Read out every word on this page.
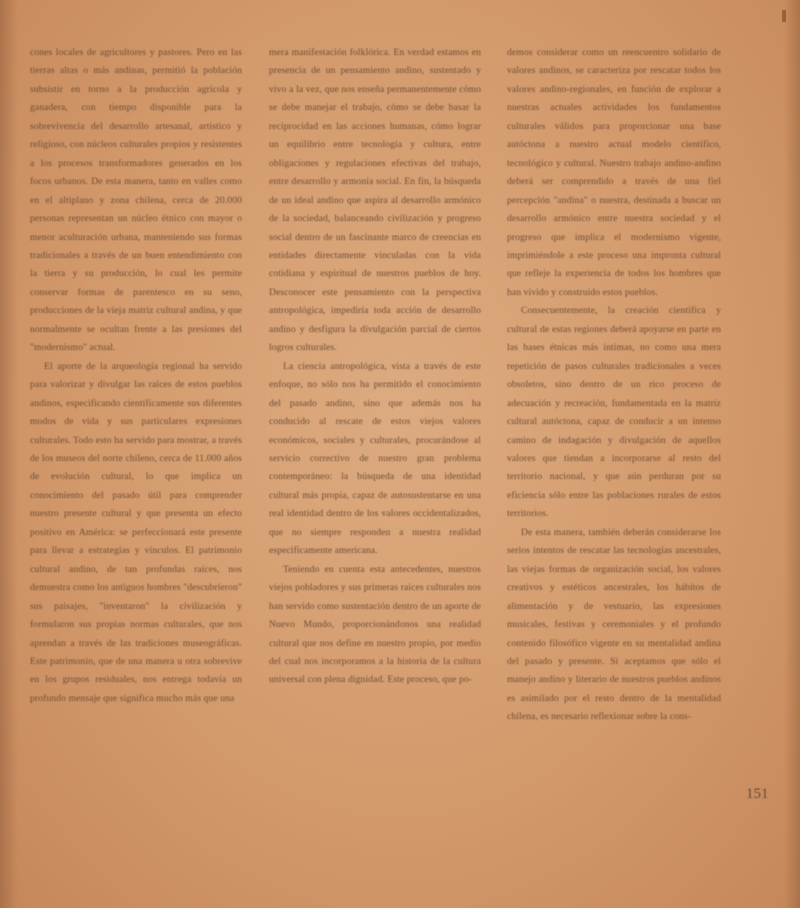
cones locales de agricultores y pastores. Pero en las tierras altas o más andinas, permitió la población subsistir en torno a la producción agrícola y ganadera, con tiempo disponible para la sobrevivencia del desarrollo artesanal, artístico y religioso, con núcleos culturales propios y resistentes a los procesos transformadores generados en los focos urbanos. De esta manera, tanto en valles como en el altiplano y zona chilena, cerca de 20.000 personas representan un núcleo étnico con mayor o menor aculturación urbana, manteniendo sus formas tradicionales a través de un buen entendimiento con la tierra y su producción, lo cual les permite conservar formas de parentesco en su seno, producciones de la vieja matriz cultural andina, y que normalmente se ocultan frente a las presiones del "modernismo" actual.

El aporte de la arqueología regional ha servido para valorizar y divulgar las raíces de estos pueblos andinos, especificando científicamente sus diferentes modos de vida y sus particulares expresiones culturales. Todo esto ha servido para mostrar, a través de los museos del norte chileno, cerca de 11.000 años de evolución cultural, lo que implica un conocimiento del pasado útil para comprender nuestro presente cultural y que presenta un efecto positivo en América: se perfeccionará este presente para llevar a estrategias y vínculos. El patrimonio cultural andino, de tan profundas raíces, nos demuestra como los antiguos hombres "descubrieron" sus paisajes, "inventaron" la civilización y formularon sus propias normas culturales, que nos aprendan a través de las tradiciones museográficas. Este patrimonio, que de una manera u otra sobrevive en los grupos residuales, nos entrega todavía un profundo mensaje que significa mucho más que una

mera manifestación folklórica. En verdad estamos en presencia de un pensamiento andino, sustentado y vivo a la vez, que nos enseña permanentemente cómo se debe manejar el trabajo, cómo se debe basar la reciprocidad en las acciones humanas, cómo lograr un equilibrio entre tecnología y cultura, entre obligaciones y regulaciones efectivas del trabajo, entre desarrollo y armonía social. En fin, la búsqueda de un ideal andino que aspira al desarrollo armónico de la sociedad, balanceando civilización y progreso social dentro de un fascinante marco de creencias en entidades directamente vinculadas con la vida cotidiana y espiritual de nuestros pueblos de hoy. Desconocer este pensamiento con la perspectiva antropológica, impediría toda acción de desarrollo andino y desfigura la divulgación parcial de ciertos logros culturales.

La ciencia antropológica, vista a través de este enfoque, no sólo nos ha permitido el conocimiento del pasado andino, sino que además nos ha conducido al rescate de estos viejos valores económicos, sociales y culturales, procurándose al servicio correctivo de nuestro gran problema contemporáneo: la búsqueda de una identidad cultural más propia, capaz de autosustentarse en una real identidad dentro de los valores occidentalizados, que no siempre responden a nuestra realidad específicamente americana.

Teniendo en cuenta esta antecedentes, nuestros viejos pobladores y sus primeras raíces culturales nos han servido como sustentación dentro de un aporte de Nuevo Mundo, proporcionándonos una realidad cultural que nos define en nuestro propio, por medio del cual nos incorporamos a la historia de la cultura universal con plena dignidad. Este proceso, que po-

demos considerar como un reencuentro solidario de valores andinos, se caracteriza por rescatar todos los valores andino-regionales, en función de explorar a nuestras actuales actividades los fundamentos culturales válidos para proporcionar una base autóctona a nuestro actual modelo científico, tecnológico y cultural. Nuestro trabajo andino-andino deberá ser comprendido a través de una fiel percepción "andina" o nuestra, destinada a buscar un desarrollo armónico entre nuestra sociedad y el progreso que implica el modernismo vigente, imprimiéndole a este proceso una impronta cultural que refleje la experiencia de todos los hombres que han vivido y construido estos pueblos.

Consecuentemente, la creación científica y cultural de estas regiones deberá apoyarse en parte en las bases étnicas más íntimas, no como una mera repetición de pasos culturales tradicionales a veces obsoletos, sino dentro de un rico proceso de adecuación y recreación, fundamentada en la matriz cultural autóctona, capaz de conducir a un intenso camino de indagación y divulgación de aquellos valores que tiendan a incorporarse al resto del territorio nacional, y que aún perduran por su eficiencia sólo entre las poblaciones rurales de estos territorios.

De esta manera, también deberán considerarse los serios intentos de rescatar las tecnologías ancestrales, las viejas formas de organización social, los valores creativos y estéticos ancestrales, los hábitos de alimentación y de vestuario, las expresiones musicales, festivas y ceremoniales y el profundo contenido filosófico vigente en su mentalidad andina del pasado y presente. Si aceptamos que sólo el manejo andino y literario de nuestros pueblos andinos es asimilado por el resto dentro de la mentalidad chilena, es necesario reflexionar sobre la cons-

151
